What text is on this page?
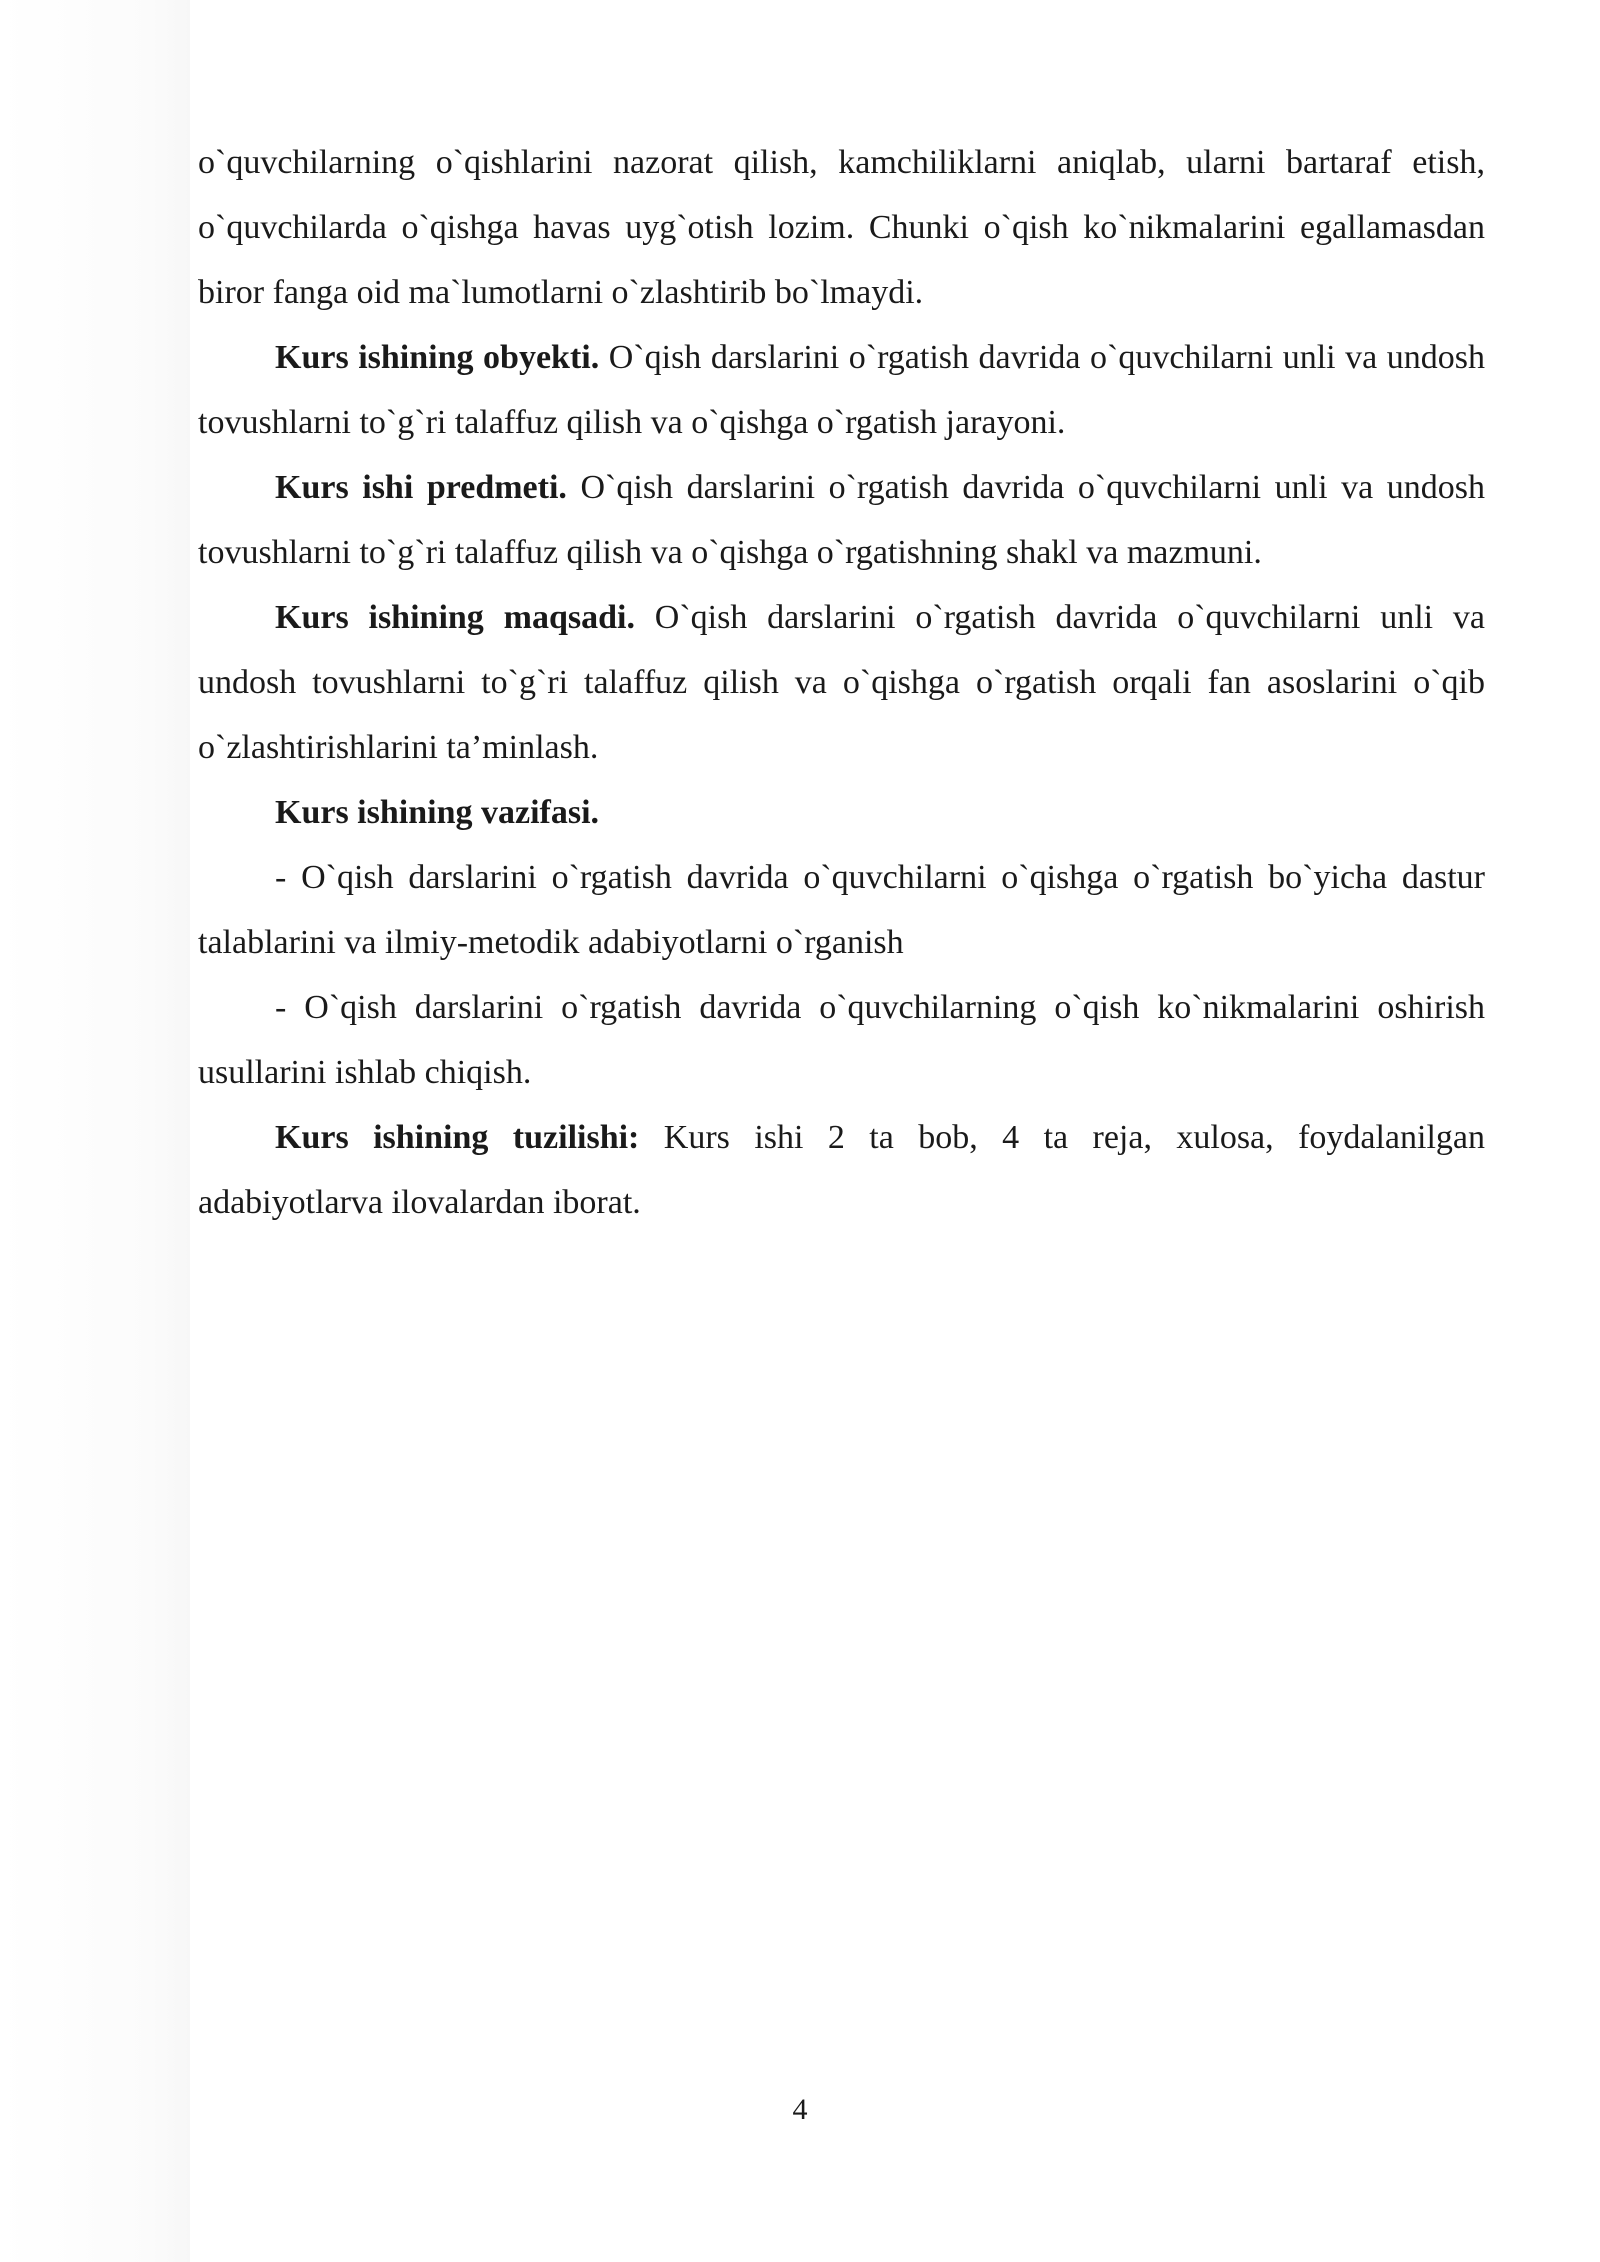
o`quvchilarning o`qishlarini nazorat qilish, kamchiliklarni aniqlab, ularni bartaraf etish, o`quvchilarda o`qishga havas uyg`otish lozim. Chunki o`qish ko`nikmalarini egallamasdan biror fanga oid ma`lumotlarni o`zlashtirib bo`lmaydi.

Kurs ishining obyekti. O`qish darslarini o`rgatish davrida o`quvchilarni unli va undosh tovushlarni to`g`ri talaffuz qilish va o`qishga o`rgatish jarayoni.

Kurs ishi predmeti. O`qish darslarini o`rgatish davrida o`quvchilarni unli va undosh tovushlarni to`g`ri talaffuz qilish va o`qishga o`rgatishning shakl va mazmuni.

Kurs ishining maqsadi. O`qish darslarini o`rgatish davrida o`quvchilarni unli va undosh tovushlarni to`g`ri talaffuz qilish va o`qishga o`rgatish orqali fan asoslarini o`qib o`zlashtirishlarini ta’minlash.

Kurs ishining vazifasi.

- O`qish darslarini o`rgatish davrida o`quvchilarni o`qishga o`rgatish bo`yicha dastur talablarini va ilmiy-metodik adabiyotlarni o`rganish

- O`qish darslarini o`rgatish davrida o`quvchilarning o`qish ko`nikmalarini oshirish usullarini ishlab chiqish.

Kurs ishining tuzilishi: Kurs ishi 2 ta bob, 4 ta reja, xulosa, foydalanilgan adabiyotlarva ilovalardan iborat.

4
